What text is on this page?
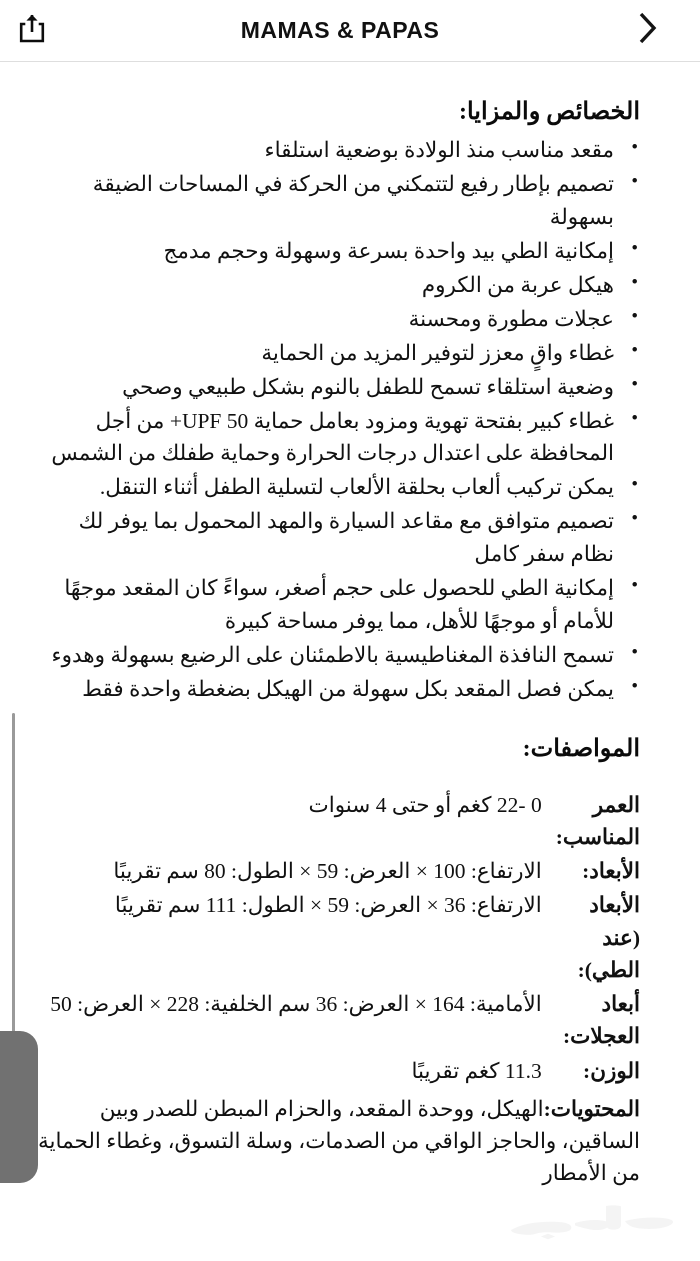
MAMAS & PAPAS
الخصائص والمزايا:
• مقعد مناسب منذ الولادة بوضعية استلقاء
• تصميم بإطار رفيع لتتمكني من الحركة في المساحات الضيقة بسهولة
• إمكانية الطي بيد واحدة بسرعة وسهولة وحجم مدمج
• هيكل عربة من الكروم
• عجلات مطورة ومحسنة
• غطاء واقٍ معزز لتوفير المزيد من الحماية
• وضعية استلقاء تسمح للطفل بالنوم بشكل طبيعي وصحي
• غطاء كبير بفتحة تهوية ومزود بعامل حماية UPF 50+ من أجل المحافظة على اعتدال درجات الحرارة وحماية طفلك من الشمس
• يمكن تركيب ألعاب بحلقة الألعاب لتسلية الطفل أثناء التنقل.
• تصميم متوافق مع مقاعد السيارة والمهد المحمول بما يوفر لك نظام سفر كامل
• إمكانية الطي للحصول على حجم أصغر، سواءً كان المقعد موجهًا للأمام أو موجهًا للأهل، مما يوفر مساحة كبيرة
• تسمح النافذة المغناطيسية بالاطمئنان على الرضيع بسهولة وهدوء
• يمكن فصل المقعد بكل سهولة من الهيكل بضغطة واحدة فقط
المواصفات:
العمر المناسب:	0 -22 كغم أو حتى 4 سنوات
الأبعاد:	الارتفاع: 100 × العرض: 59 × الطول: 80 سم تقريبًا
الأبعاد (عند الطي):	الارتفاع: 36 × العرض: 59 × الطول: 111 سم تقريبًا
أبعاد العجلات:	الأمامية: 164 × العرض: 36 سم الخلفية: 228 × العرض: 50
الوزن:	11.3 كغم تقريبًا
المحتويات:الهيكل، ووحدة المقعد، والحزام المبطن للصدر وبين الساقين، والحاجز الواقي من الصدمات، وسلة التسوق، وغطاء الحماية من الأمطار
